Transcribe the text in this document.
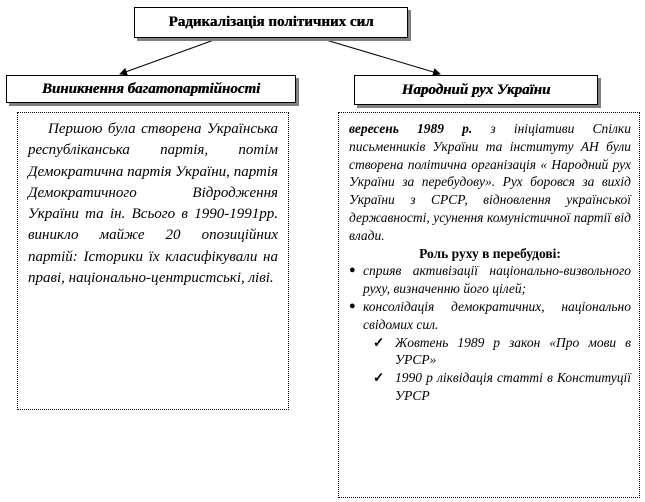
Радикалізація політичних сил
Виникнення багатопартійності	Народний рух України

Першою була створена Українська республіканська партія, потім Демократична партія України, партія Демократичного Відродження України та ін. Всього в 1990-1991рр. виникло майже 20 опозиційних партій: Історики їх класифікували на праві, національно-центристські, ліві.

вересень 1989 р. з ініціативи Спілки письменників України та інституту АН були створена політична організація « Народний рух України за перебудову». Рух боровся за вихід України з СРСР, відновлення української державності, усунення комуністичної партії від влади.

Роль руху в перебудові:

● сприяв активізації національно-визвольного руху, визначенню його цілей;
● консолідація демократичних, національно свідомих сил.
✓ Жовтень 1989 р закон «Про мови в УРСР»
✓ 1990 р ліквідація статті в Конституції УРСР
